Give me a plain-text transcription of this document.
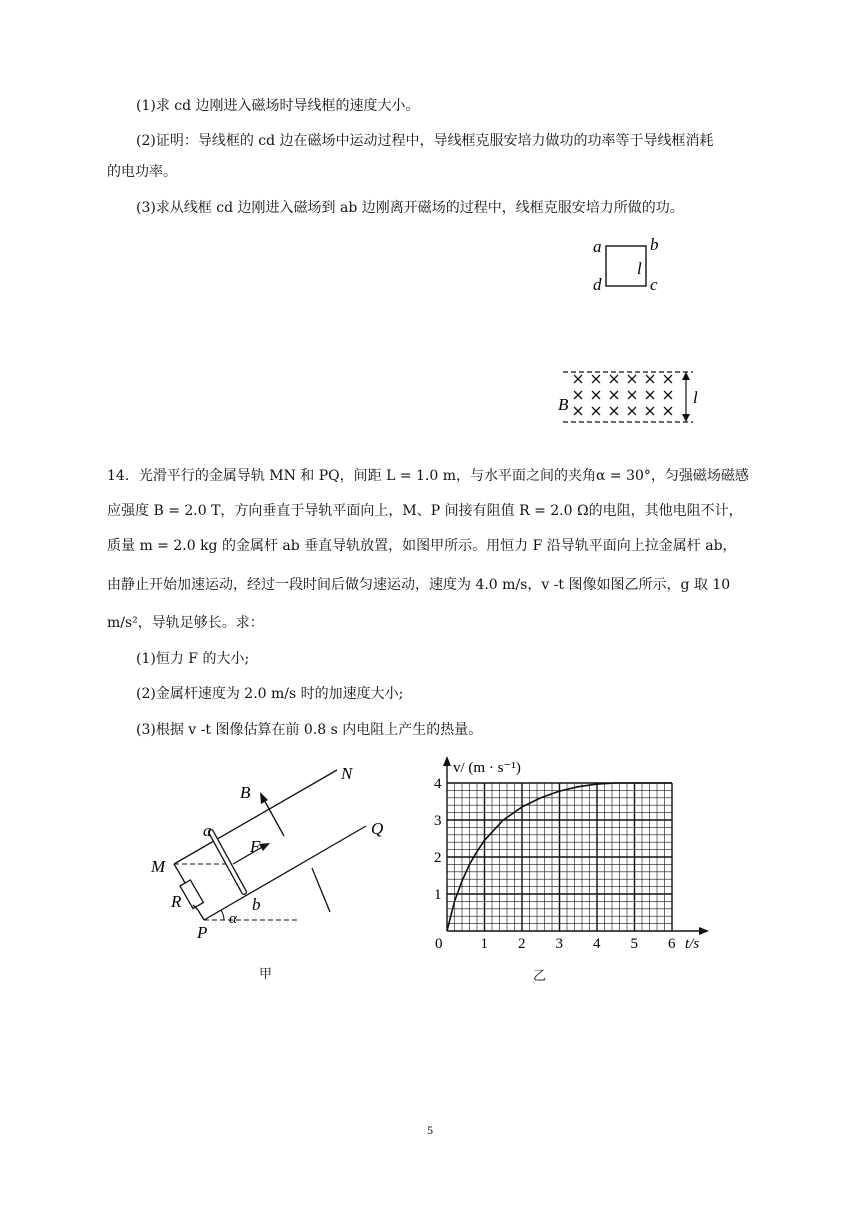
(1)求 cd 边刚进入磁场时导线框的速度大小。
(2)证明：导线框的 cd 边在磁场中运动过程中，导线框克服安培力做功的功率等于导线框消耗
的电功率。
(3)求从线框 cd 边刚进入磁场到 ab 边刚离开磁场的过程中，线框克服安培力所做的功。
a	b
d	c
l
B	l
14．光滑平行的金属导轨 MN 和 PQ，间距 L = 1.0 m，与水平面之间的夹角α = 30°，匀强磁场磁感
应强度 B = 2.0 T，方向垂直于导轨平面向上，M、P 间接有阻值 R = 2.0 Ω的电阻，其他电阻不计，
质量 m = 2.0 kg 的金属杆 ab 垂直导轨放置，如图甲所示。用恒力 F 沿导轨平面向上拉金属杆 ab，
由静止开始加速运动，经过一段时间后做匀速运动，速度为 4.0 m/s，v -t 图像如图乙所示，g 取 10
m/s²，导轨足够长。求：
(1)恒力 F 的大小;
(2)金属杆速度为 2.0 m/s 时的加速度大小;
(3)根据 v -t 图像估算在前 0.8 s 内电阻上产生的热量。
N
Q
B
a
F
M
R	b
α
P
甲
0	1 2 3 4 5 6
1
2
3
4
v/ (m · s⁻¹)
t/s
乙
5
